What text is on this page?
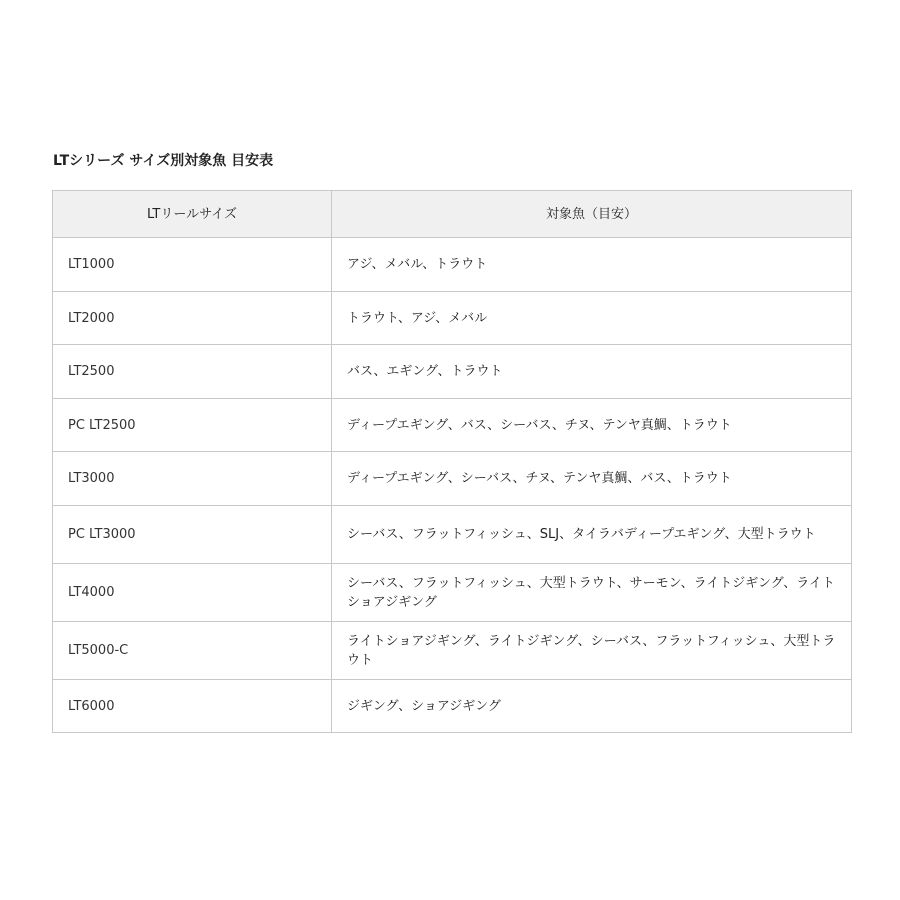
LTシリーズ サイズ別対象魚 目安表
LTリールサイズ	対象魚（目安）
LT1000	アジ、メバル、トラウト
LT2000	トラウト、アジ、メバル
LT2500	バス、エギング、トラウト
PC LT2500	ディープエギング、バス、シーバス、チヌ、テンヤ真鯛、トラウト
LT3000	ディープエギング、シーバス、チヌ、テンヤ真鯛、バス、トラウト
PC LT3000	シーバス、フラットフィッシュ、SLJ、タイラバディープエギング、大型トラウト
LT4000	シーバス、フラットフィッシュ、大型トラウト、サーモン、ライトジギング、ライトショアジギング
LT5000-C	ライトショアジギング、ライトジギング、シーバス、フラットフィッシュ、大型トラウト
LT6000	ジギング、ショアジギング
